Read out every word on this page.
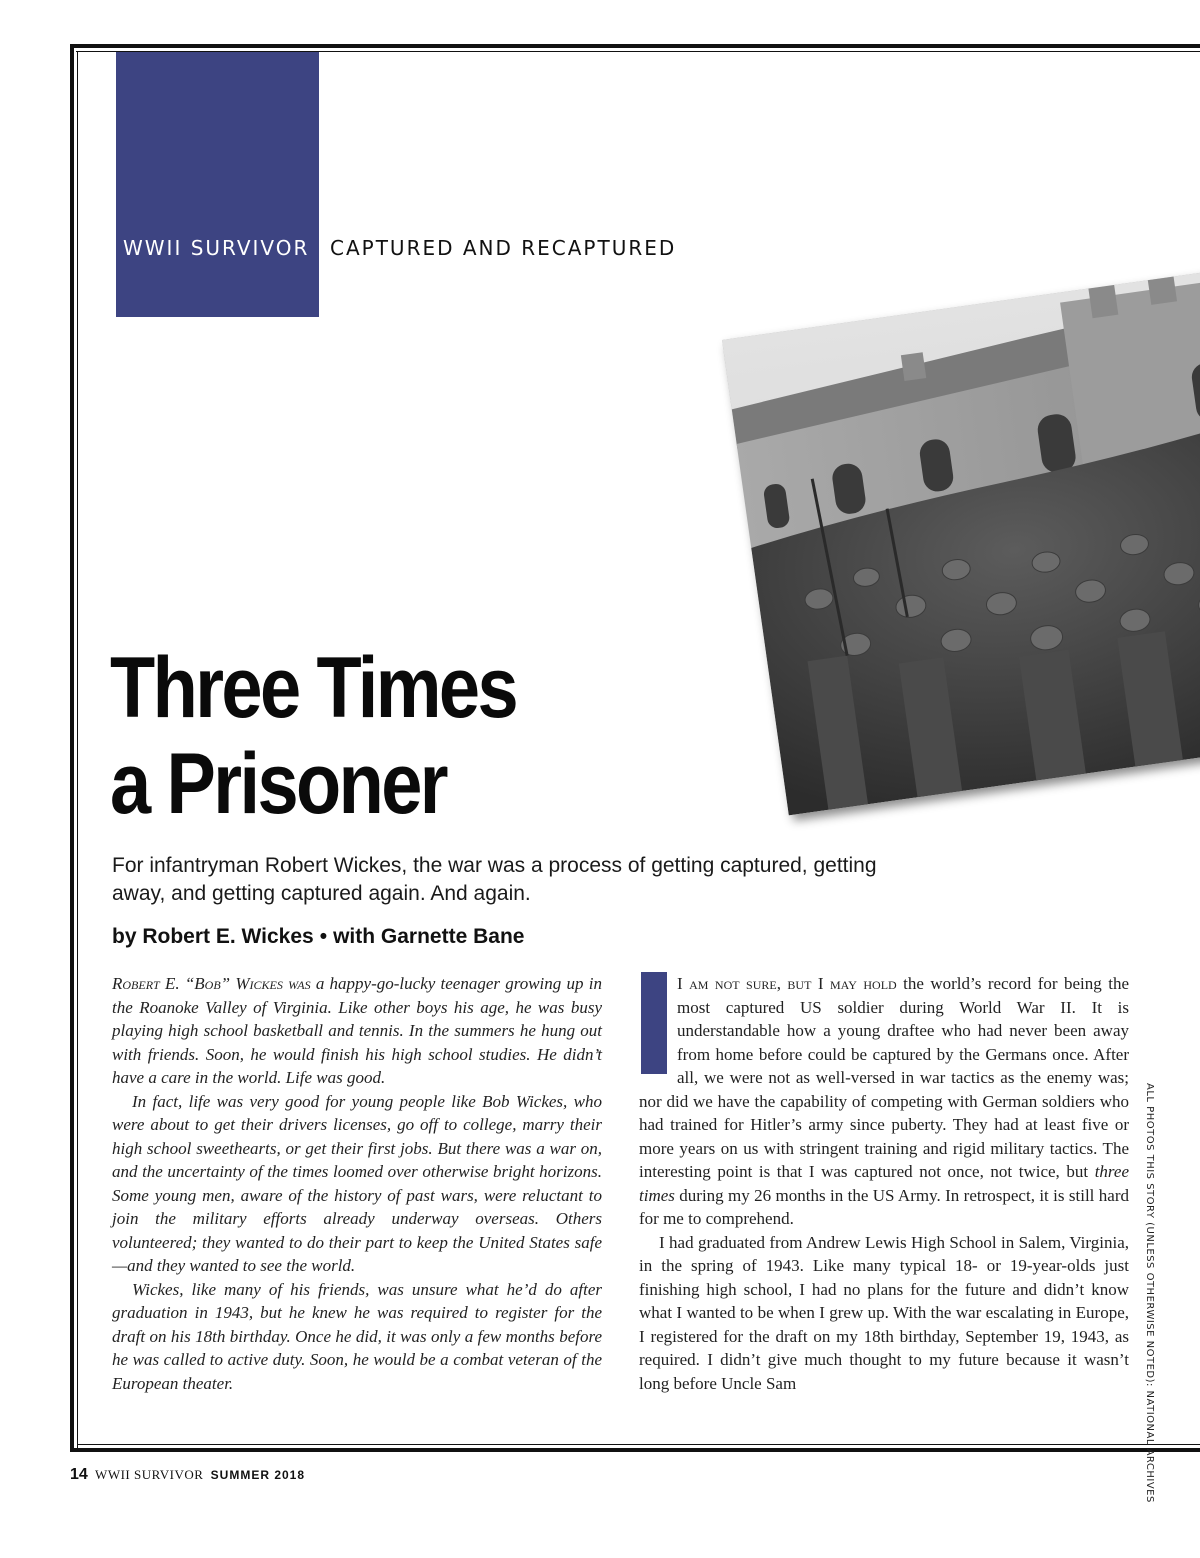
WWII SURVIVOR CAPTURED AND RECAPTURED
Three Times
a Prisoner
For infantryman Robert Wickes, the war was a process of getting captured, getting away, and getting captured again. And again.
by Robert E. Wickes • with Garnette Bane

Robert E. “Bob” Wickes was a happy-go-lucky teenager growing up in the Roanoke Valley of Virginia. Like other boys his age, he was busy playing high school basketball and tennis. In the summers he hung out with friends. Soon, he would finish his high school studies. He didn’t have a care in the world. Life was good.

In fact, life was very good for young people like Bob Wickes, who were about to get their drivers licenses, go off to college, marry their high school sweethearts, or get their first jobs. But there was a war on, and the uncertainty of the times loomed over otherwise bright horizons. Some young men, aware of the history of past wars, were reluctant to join the military efforts already underway overseas. Others volunteered; they wanted to do their part to keep the United States safe—and they wanted to see the world.

Wickes, like many of his friends, was unsure what he’d do after graduation in 1943, but he knew he was required to register for the draft on his 18th birthday. Once he did, it was only a few months before he was called to active duty. Soon, he would be a combat veteran of the European theater.

I am not sure, but I may hold the world’s record for being the most captured US soldier during World War II. It is understandable how a young draftee who had never been away from home before could be captured by the Germans once. After all, we were not as well-versed in war tactics as the enemy was; nor did we have the capability of competing with German soldiers who had trained for Hitler’s army since puberty. They had at least five or more years on us with stringent training and rigid military tactics. The interesting point is that I was captured not once, not twice, but three times during my 26 months in the US Army. In retrospect, it is still hard for me to comprehend.

I had graduated from Andrew Lewis High School in Salem, Virginia, in the spring of 1943. Like many typical 18- or 19-year-olds just finishing high school, I had no plans for the future and didn’t know what I wanted to be when I grew up. With the war escalating in Europe, I registered for the draft on my 18th birthday, September 19, 1943, as required. I didn’t give much thought to my future because it wasn’t long before Uncle Sam	ALL PHOTOS THIS STORY (UNLESS OTHERWISE NOTED): NATIONAL ARCHIVES
14 WWII SURVIVOR SUMMER 2018
